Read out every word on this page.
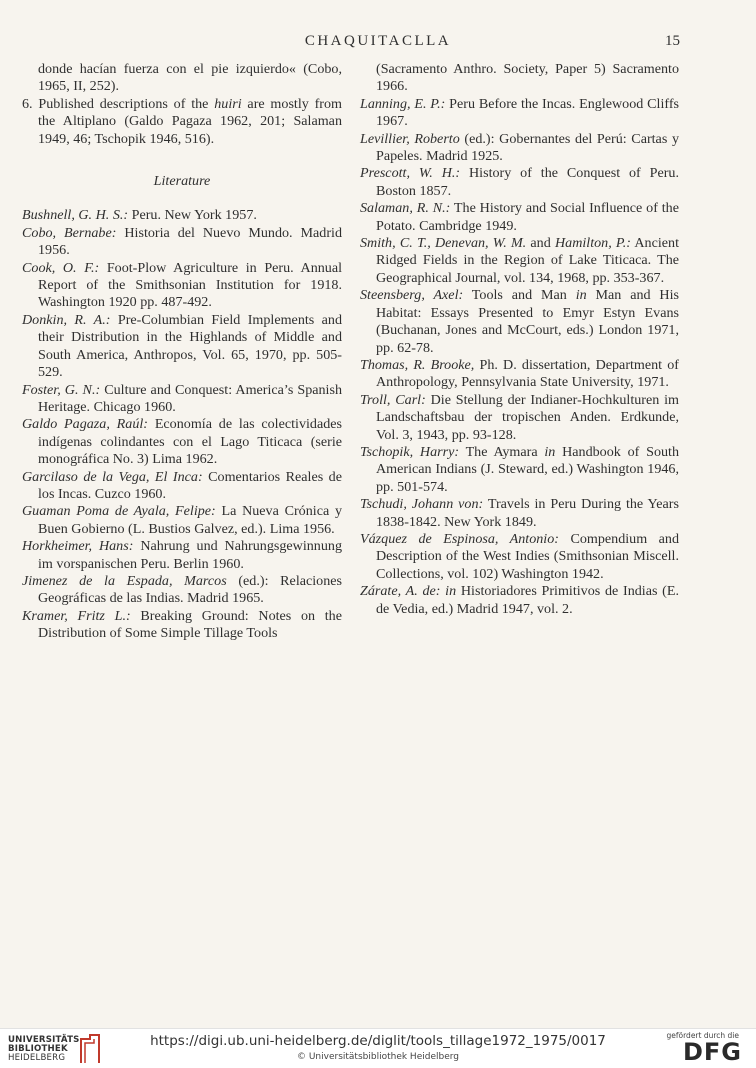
CHAQUITACLLA	15

donde hacían fuerza con el pie izquierdo« (Cobo, 1965, II, 252).

6. Published descriptions of the huiri are mostly from the Altiplano (Galdo Pagaza 1962, 201; Salaman 1949, 46; Tschopik 1946, 516).

Literature

Bushnell, G. H. S.: Peru. New York 1957.

Cobo, Bernabe: Historia del Nuevo Mundo. Madrid 1956.

Cook, O. F.: Foot-Plow Agriculture in Peru. Annual Report of the Smithsonian Institution for 1918. Washington 1920 pp. 487-492.

Donkin, R. A.: Pre-Columbian Field Implements and their Distribution in the Highlands of Middle and South America, Anthropos, Vol. 65, 1970, pp. 505-529.

Foster, G. N.: Culture and Conquest: America’s Spanish Heritage. Chicago 1960.

Galdo Pagaza, Raúl: Economía de las colectividades indígenas colindantes con el Lago Titicaca (serie monográfica No. 3) Lima 1962.

Garcilaso de la Vega, El Inca: Comentarios Reales de los Incas. Cuzco 1960.

Guaman Poma de Ayala, Felipe: La Nueva Crónica y Buen Gobierno (L. Bustios Galvez, ed.). Lima 1956.

Horkheimer, Hans: Nahrung und Nahrungsgewinnung im vorspanischen Peru. Berlin 1960.

Jimenez de la Espada, Marcos (ed.): Relaciones Geográficas de las Indias. Madrid 1965.

Kramer, Fritz L.: Breaking Ground: Notes on the Distribution of Some Simple Tillage Tools

(Sacramento Anthro. Society, Paper 5) Sacramento 1966.

Lanning, E. P.: Peru Before the Incas. Englewood Cliffs 1967.

Levillier, Roberto (ed.): Gobernantes del Perú: Cartas y Papeles. Madrid 1925.

Prescott, W. H.: History of the Conquest of Peru. Boston 1857.

Salaman, R. N.: The History and Social Influence of the Potato. Cambridge 1949.

Smith, C. T., Denevan, W. M. and Hamilton, P.: Ancient Ridged Fields in the Region of Lake Titicaca. The Geographical Journal, vol. 134, 1968, pp. 353-367.

Steensberg, Axel: Tools and Man in Man and His Habitat: Essays Presented to Emyr Estyn Evans (Buchanan, Jones and McCourt, eds.) London 1971, pp. 62-78.

Thomas, R. Brooke, Ph. D. dissertation, Department of Anthropology, Pennsylvania State University, 1971.

Troll, Carl: Die Stellung der Indianer-Hochkulturen im Landschaftsbau der tropischen Anden. Erdkunde, Vol. 3, 1943, pp. 93-128.

Tschopik, Harry: The Aymara in Handbook of South American Indians (J. Steward, ed.) Washington 1946, pp. 501-574.

Tschudi, Johann von: Travels in Peru During the Years 1838-1842. New York 1849.

Vázquez de Espinosa, Antonio: Compendium and Description of the West Indies (Smithsonian Miscell. Collections, vol. 102) Washington 1942.

Zárate, A. de: in Historiadores Primitivos de Indias (E. de Vedia, ed.) Madrid 1947, vol. 2.

UNIVERSITÄTS-
BIBLIOTHEK
HEIDELBERG
https://digi.ub.uni-heidelberg.de/diglit/tools_tillage1972_1975/0017
© Universitätsbibliothek Heidelberg
gefördert durch die
DFG
